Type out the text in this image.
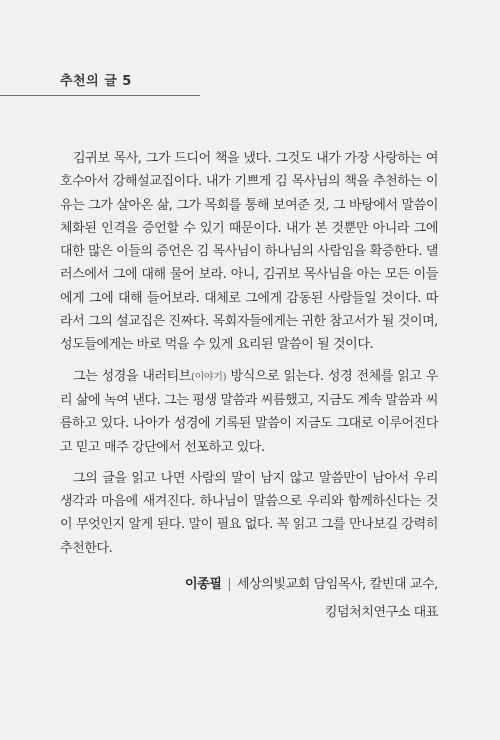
추천의 글 5

김귀보 목사, 그가 드디어 책을 냈다. 그것도 내가 가장 사랑하는 여호수아서 강해설교집이다. 내가 기쁘게 김 목사님의 책을 추천하는 이유는 그가 살아온 삶, 그가 목회를 통해 보여준 것, 그 바탕에서 말씀이 체화된 인격을 증언할 수 있기 때문이다. 내가 본 것뿐만 아니라 그에 대한 많은 이들의 증언은 김 목사님이 하나님의 사람임을 확증한다. 댈러스에서 그에 대해 물어 보라. 아니, 김귀보 목사님을 아는 모든 이들에게 그에 대해 들어보라. 대체로 그에게 감동된 사람들일 것이다. 따라서 그의 설교집은 진짜다. 목회자들에게는 귀한 참고서가 될 것이며, 성도들에게는 바로 먹을 수 있게 요리된 말씀이 될 것이다.

그는 성경을 내러티브(이야기) 방식으로 읽는다. 성경 전체를 읽고 우리 삶에 녹여 낸다. 그는 평생 말씀과 씨름했고, 지금도 계속 말씀과 씨름하고 있다. 나아가 성경에 기록된 말씀이 지금도 그대로 이루어진다고 믿고 매주 강단에서 선포하고 있다.

그의 글을 읽고 나면 사람의 말이 남지 않고 말씀만이 남아서 우리 생각과 마음에 새겨진다. 하나님이 말씀으로 우리와 함께하신다는 것이 무엇인지 알게 된다. 말이 필요 없다. 꼭 읽고 그를 만나보길 강력히 추천한다.

이종필 | 세상의빛교회 담임목사, 칼빈대 교수,
킹덤처치연구소 대표
